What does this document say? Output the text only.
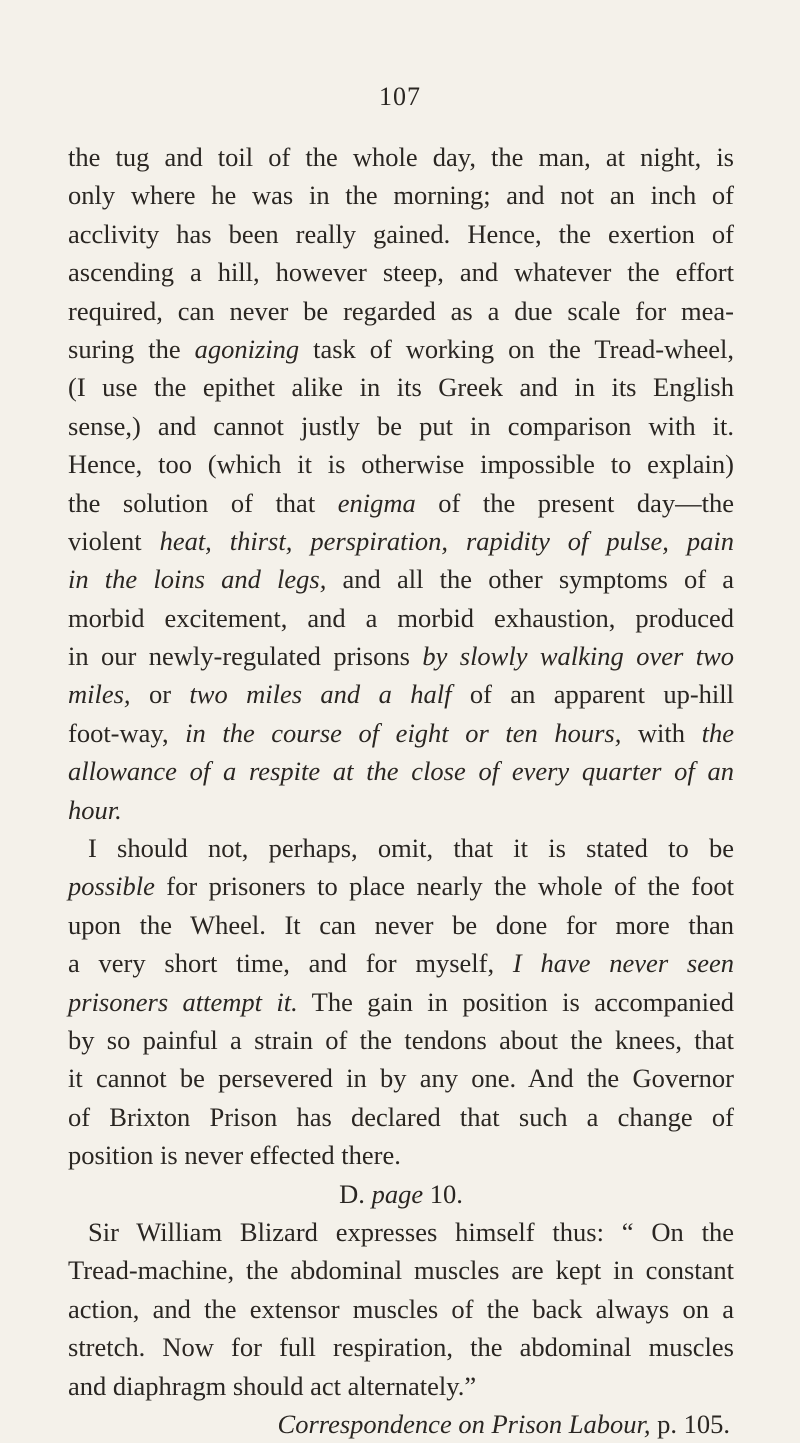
107
the tug and toil of the whole day, the man, at night, is
only where he was in the morning; and not an inch of
acclivity has been really gained. Hence, the exertion of
ascending a hill, however steep, and whatever the effort
required, can never be regarded as a due scale for mea-
suring the agonizing task of working on the Tread-wheel,
(I use the epithet alike in its Greek and in its English
sense,) and cannot justly be put in comparison with it.
Hence, too (which it is otherwise impossible to explain)
the solution of that enigma of the present day—the
violent heat, thirst, perspiration, rapidity of pulse, pain
in the loins and legs, and all the other symptoms of a
morbid excitement, and a morbid exhaustion, produced
in our newly-regulated prisons by slowly walking over two
miles, or two miles and a half of an apparent up-hill
foot-way, in the course of eight or ten hours, with the
allowance of a respite at the close of every quarter of an
hour.
I should not, perhaps, omit, that it is stated to be
possible for prisoners to place nearly the whole of the foot
upon the Wheel. It can never be done for more than
a very short time, and for myself, I have never seen
prisoners attempt it. The gain in position is accompanied
by so painful a strain of the tendons about the knees, that
it cannot be persevered in by any one. And the Governor
of Brixton Prison has declared that such a change of
position is never effected there.
D. page 10.
Sir William Blizard expresses himself thus: “ On the
Tread-machine, the abdominal muscles are kept in constant
action, and the extensor muscles of the back always on a
stretch. Now for full respiration, the abdominal muscles
and diaphragm should act alternately.”
Correspondence on Prison Labour, p. 105.
